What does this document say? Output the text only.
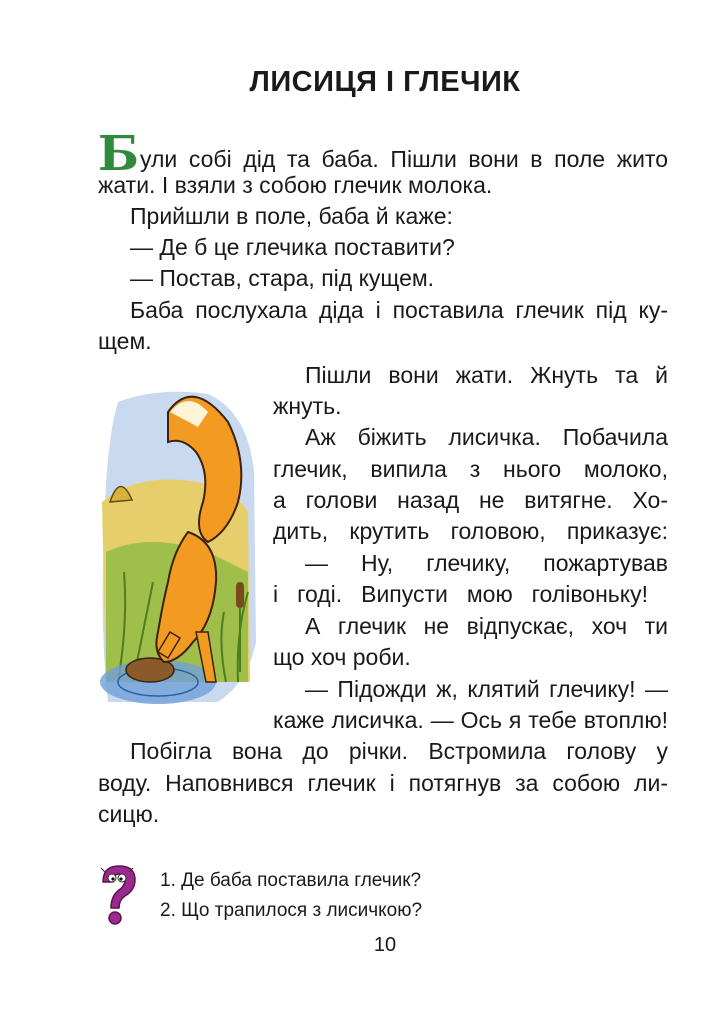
ЛИСИЦЯ І ГЛЕЧИК
Були собі дід та баба. Пішли вони в поле жито
жати. І взяли з собою глечик молока.
Прийшли в поле, баба й каже:
— Де б це глечика поставити?
— Постав, стара, під кущем.
Баба послухала діда і поставила глечик під ку-
щем.
Пішли вони жати. Жнуть та й
жнуть.
Аж біжить лисичка. Побачила
глечик, випила з нього молоко,
а голови назад не витягне. Хо-
дить, крутить головою, приказує:
— Ну, глечику, пожартував
і годі. Випусти мою голівоньку!
А глечик не відпускає, хоч ти
що хоч роби.
— Підожди ж, клятий глечику! —
каже лисичка. — Ось я тебе втоплю!
Побігла вона до річки. Встромила голову у
воду. Наповнився глечик і потягнув за собою ли-
сицю.
1. Де баба поставила глечик?
2. Що трапилося з лисичкою?
10
